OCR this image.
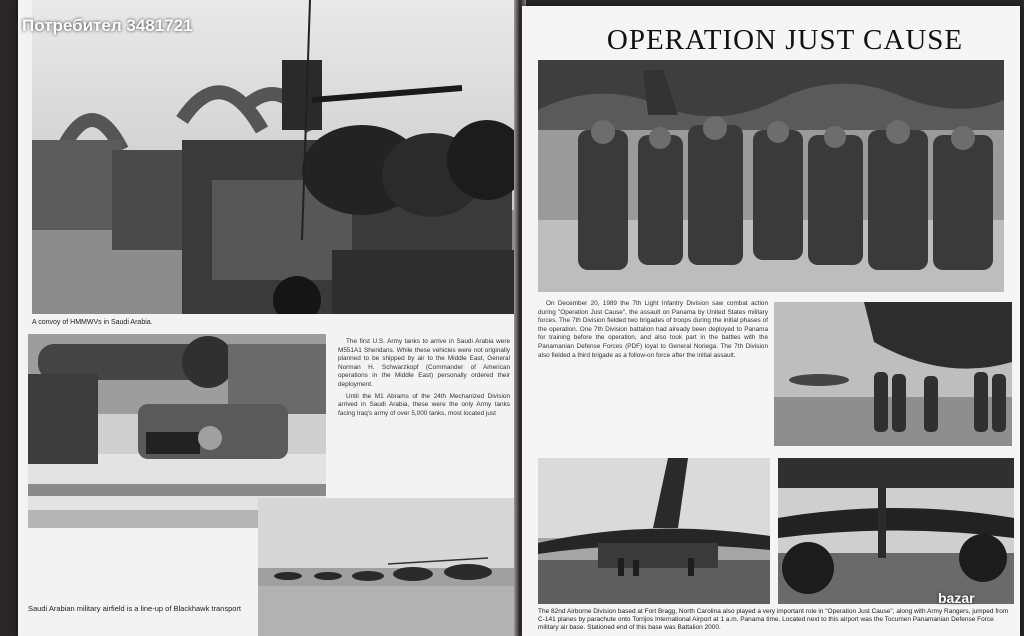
A convoy of HMMWVs in Saudi Arabia.

The first U.S. Army tanks to arrive in Saudi Arabia were M551A1 Sheridans. While these vehicles were not originally planned to be shipped by air to the Middle East, General Norman H. Schwarzkopf (Commander of American operations in the Middle East) personally ordered their deployment.

Until the M1 Abrams of the 24th Mechanized Division arrived in Saudi Arabia, these were the only Army tanks facing Iraq's army of over 5,000 tanks, most located just

Saudi Arabian military airfield is a line-up of Blackhawk transport
OPERATION JUST CAUSE

On December 20, 1989 the 7th Light Infantry Division saw combat action during "Operation Just Cause", the assault on Panama by United States military forces. The 7th Division fielded two brigades of troops during the initial phases of the operation. One 7th Division battalion had already been deployed to Panama for training before the operation, and also took part in the battles with the Panamanian Defense Forces (PDF) loyal to General Noriega. The 7th Division also fielded a third brigade as a follow-on force after the initial assault.

The 82nd Airborne Division based at Fort Bragg, North Carolina also played a very important role in "Operation Just Cause", along with Army Rangers, jumped from C-141 planes by parachute onto Torrijos International Airport at 1 a.m. Panama time. Located next to this airport was the Tocumen Panamanian Defense Force military air base. Stationed end of this base was Battalion 2000.
Потребител 3481721
bazar
